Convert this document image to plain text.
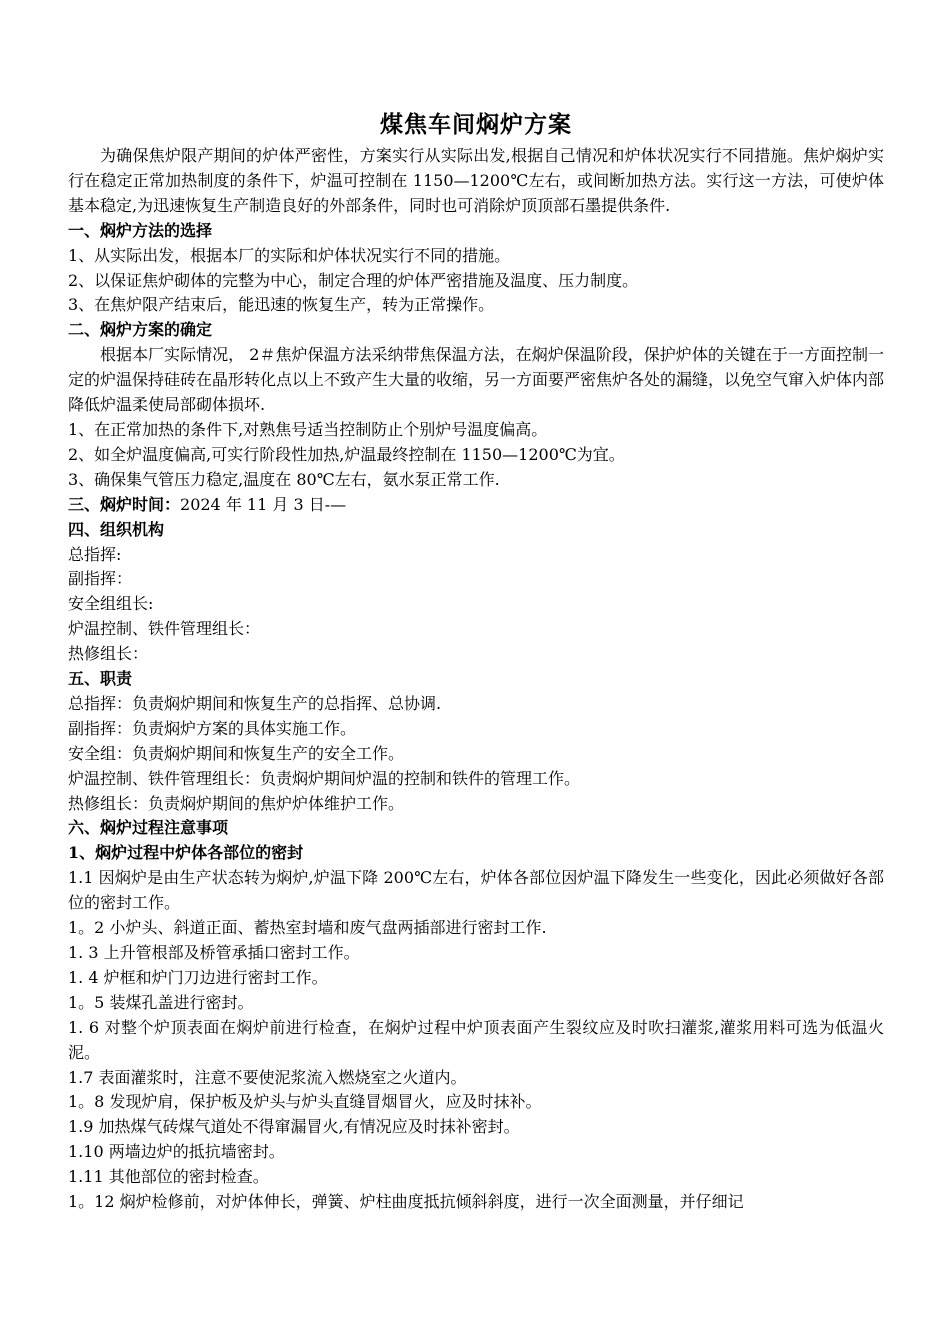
煤焦车间焖炉方案
为确保焦炉限产期间的炉体严密性，方案实行从实际出发,根据自己情况和炉体状况实行不同措施。焦炉焖炉实行在稳定正常加热制度的条件下，炉温可控制在 1150—1200℃左右，或间断加热方法。实行这一方法，可使炉体基本稳定,为迅速恢复生产制造良好的外部条件，同时也可消除炉顶顶部石墨提供条件.
一、焖炉方法的选择
1、从实际出发，根据本厂的实际和炉体状况实行不同的措施。
2、以保证焦炉砌体的完整为中心，制定合理的炉体严密措施及温度、压力制度。
3、在焦炉限产结束后，能迅速的恢复生产，转为正常操作。
二、焖炉方案的确定
根据本厂实际情况， 2＃焦炉保温方法采纳带焦保温方法，在焖炉保温阶段，保护炉体的关键在于一方面控制一定的炉温保持硅砖在晶形转化点以上不致产生大量的收缩，另一方面要严密焦炉各处的漏缝，以免空气窜入炉体内部降低炉温柔使局部砌体损坏.
1、在正常加热的条件下,对熟焦号适当控制防止个别炉号温度偏高。
2、如全炉温度偏高,可实行阶段性加热,炉温最终控制在 1150—1200℃为宜。
3、确保集气管压力稳定,温度在 80℃左右，氨水泵正常工作.
三、焖炉时间：2024 年 11 月 3 日-—
四、组织机构
总指挥:
副指挥：
安全组组长:
炉温控制、铁件管理组长：
热修组长：
五、职责
总指挥：负责焖炉期间和恢复生产的总指挥、总协调.
副指挥：负责焖炉方案的具体实施工作。
安全组：负责焖炉期间和恢复生产的安全工作。
炉温控制、铁件管理组长：负责焖炉期间炉温的控制和铁件的管理工作。
热修组长：负责焖炉期间的焦炉炉体维护工作。
六、焖炉过程注意事项
1、焖炉过程中炉体各部位的密封
1.1 因焖炉是由生产状态转为焖炉,炉温下降 200℃左右，炉体各部位因炉温下降发生一些变化，因此必须做好各部位的密封工作。
1。2 小炉头、斜道正面、蓄热室封墙和废气盘两插部进行密封工作.
1. 3 上升管根部及桥管承插口密封工作。
1. 4 炉框和炉门刀边进行密封工作。
1。5 装煤孔盖进行密封。
1. 6 对整个炉顶表面在焖炉前进行检查，在焖炉过程中炉顶表面产生裂纹应及时吹扫灌浆,灌浆用料可选为低温火泥。
1.7 表面灌浆时，注意不要使泥浆流入燃烧室之火道内。
1。8 发现炉肩，保护板及炉头与炉头直缝冒烟冒火，应及时抹补。
1.9 加热煤气砖煤气道处不得窜漏冒火,有情况应及时抹补密封。
1.10 两墙边炉的抵抗墙密封。
1.11 其他部位的密封检查。
1。12 焖炉检修前，对炉体伸长，弹簧、炉柱曲度抵抗倾斜斜度，进行一次全面测量，并仔细记
